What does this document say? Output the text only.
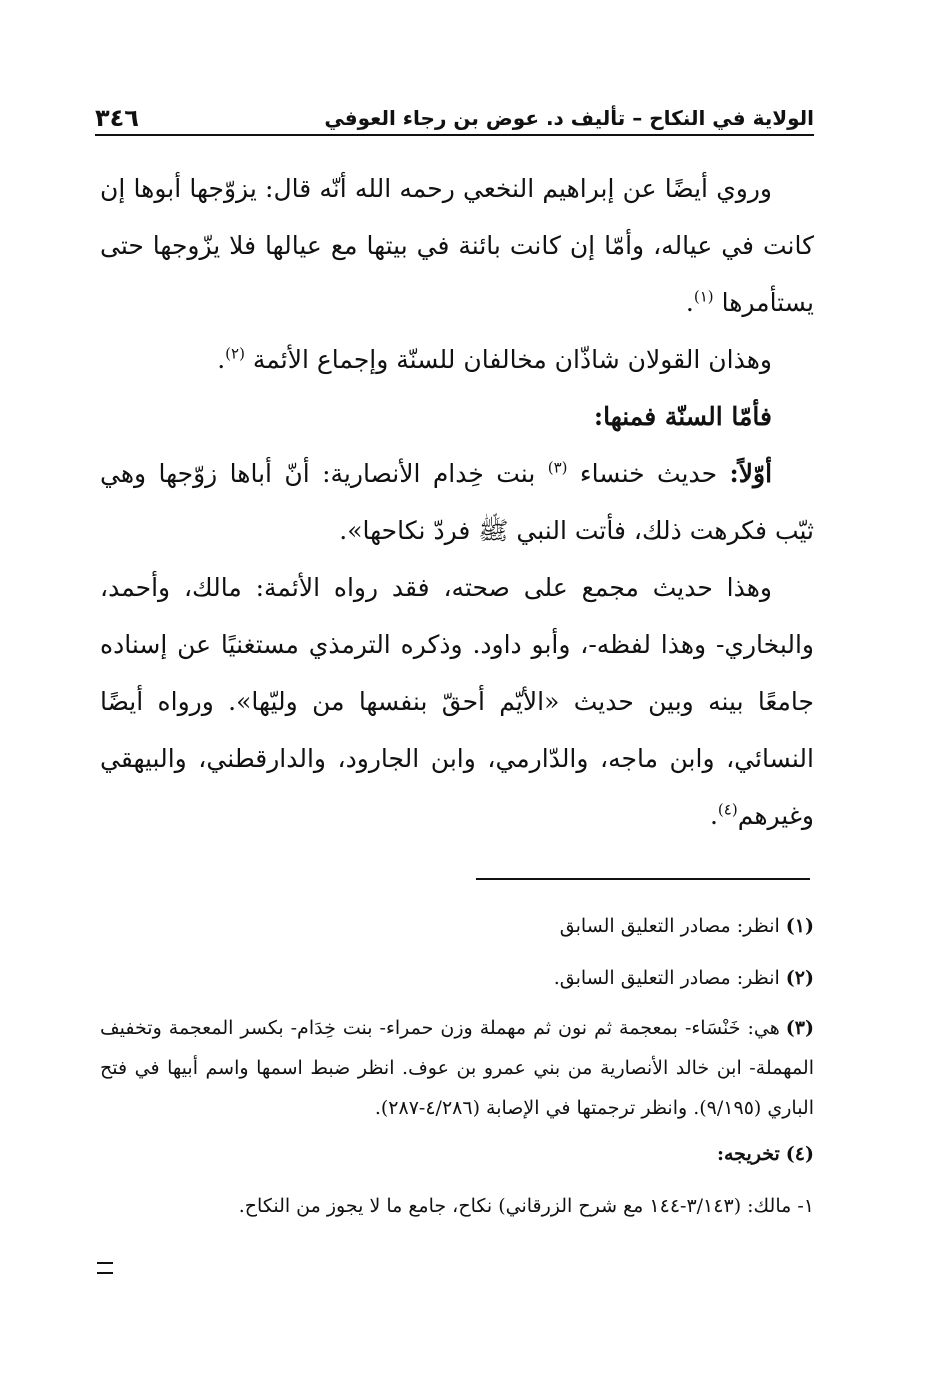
الولاية في النكاح – تأليف د. عوض بن رجاء العوفي
٣٤٦

وروي أيضًا عن إبراهيم النخعي رحمه الله أنّه قال: يزوّجها أبوها إن كانت في عياله، وأمّا إن كانت بائنة في بيتها مع عيالها فلا يزّوجها حتى يستأمرها $^{(١)}$.

وهذان القولان شاذّان مخالفان للسنّة وإجماع الأئمة $^{(٢)}$.

فأمّا السنّة فمنها:

أوّلاً: حديث خنساء $^{(٣)}$ بنت خِدام الأنصارية: أنّ أباها زوّجها وهي ثيّب فكرهت ذلك، فأتت النبي ﷺ فردّ نكاحها».

وهذا حديث مجمع على صحته، فقد رواه الأئمة: مالك، وأحمد، والبخاري- وهذا لفظه-، وأبو داود. وذكره الترمذي مستغنيًا عن إسناده جامعًا بينه وبين حديث «الأيّم أحقّ بنفسها من وليّها». ورواه أيضًا النسائي، وابن ماجه، والدّارمي، وابن الجارود، والدارقطني، والبيهقي وغيرهم$^{(٤)}$.

(١)انظر: مصادر التعليق السابق

(٢)انظر: مصادر التعليق السابق.

(٣)هي: خَنْسَاء- بمعجمة ثم نون ثم مهملة وزن حمراء- بنت خِدَام- بكسر المعجمة وتخفيف المهملة- ابن خالد الأنصارية من بني عمرو بن عوف. انظر ضبط اسمها واسم أبيها في فتح الباري (٩/١٩٥). وانظر ترجمتها في الإصابة (٤/٢٨٦-٢٨٧).

(٤)تخريجه:

١- مالك: (٣/١٤٣-١٤٤ مع شرح الزرقاني) نكاح، جامع ما لا يجوز من النكاح.
